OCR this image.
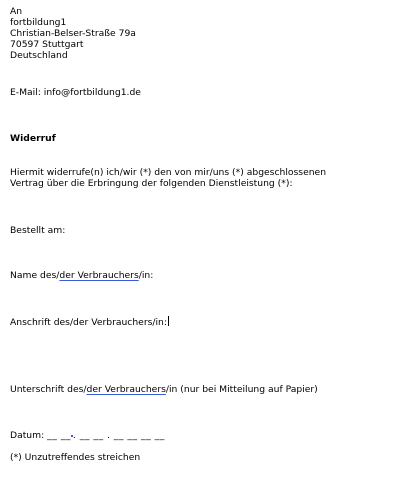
An
fortbildung1
Christian-Belser-Straße 79a
70597 Stuttgart
Deutschland
E-Mail: info@fortbildung1.de
Widerruf
Hiermit widerrufe(n) ich/wir (*) den von mir/uns (*) abgeschlossenen
Vertrag über die Erbringung der folgenden Dienstleistung (*):
Bestellt am:
Name des/der Verbrauchers/in:
Anschrift des/der Verbrauchers/in:
Unterschrift des/der Verbrauchers/in (nur bei Mitteilung auf Papier)
Datum: __ __ . __ __ . __ __ __ __
(*) Unzutreffendes streichen
